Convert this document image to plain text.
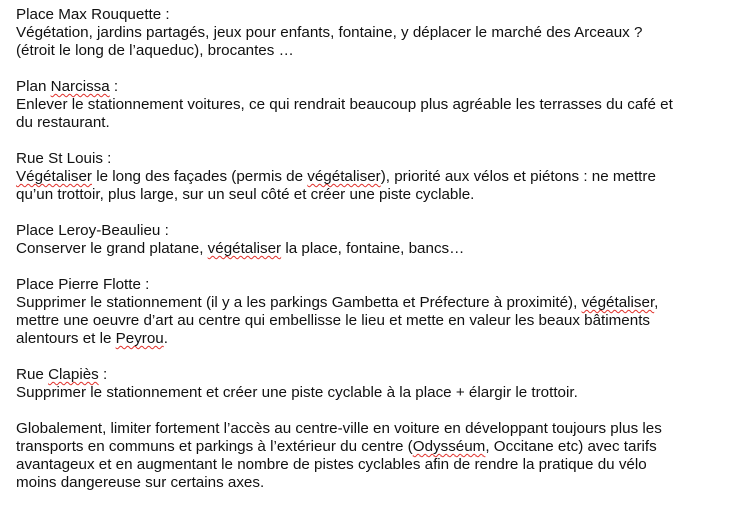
Place Max Rouquette :
Végétation, jardins partagés, jeux pour enfants, fontaine, y déplacer le marché des Arceaux ?
(étroit le long de l’aqueduc), brocantes …
Plan Narcissa :
Enlever le stationnement voitures, ce qui rendrait beaucoup plus agréable les terrasses du café et
du restaurant.
Rue St Louis :
Végétaliser le long des façades (permis de végétaliser), priorité aux vélos et piétons : ne mettre
qu’un trottoir, plus large, sur un seul côté et créer une piste cyclable.
Place Leroy-Beaulieu :
Conserver le grand platane, végétaliser la place, fontaine, bancs…
Place Pierre Flotte :
Supprimer le stationnement (il y a les parkings Gambetta et Préfecture à proximité), végétaliser,
mettre une oeuvre d’art au centre qui embellisse le lieu et mette en valeur les beaux bâtiments
alentours et le Peyrou.
Rue Clapiès :
Supprimer le stationnement et créer une piste cyclable à la place + élargir le trottoir.
Globalement, limiter fortement l’accès au centre-ville en voiture en développant toujours plus les
transports en communs et parkings à l’extérieur du centre (Odysséum, Occitane etc) avec tarifs
avantageux et en augmentant le nombre de pistes cyclables afin de rendre la pratique du vélo
moins dangereuse sur certains axes.
